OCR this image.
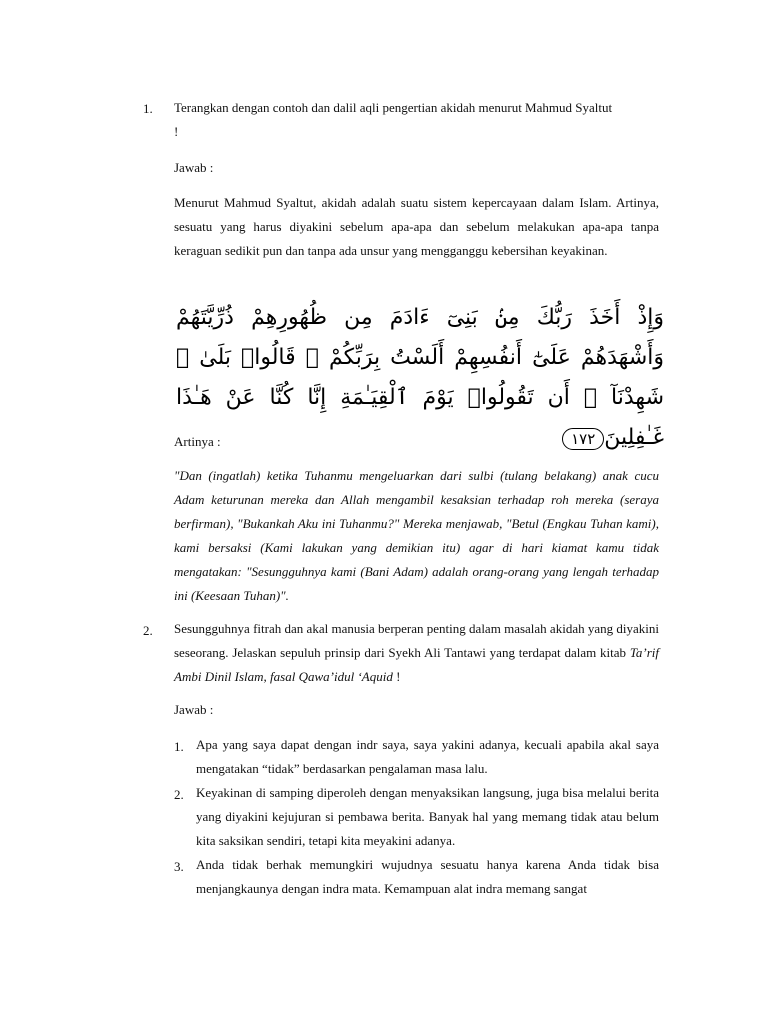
1. Terangkan dengan contoh dan dalil aqli pengertian akidah menurut Mahmud Syaltut
!
Jawab :
Menurut Mahmud Syaltut, akidah adalah suatu sistem kepercayaan dalam Islam. Artinya, sesuatu yang harus diyakini sebelum apa-apa dan sebelum melakukan apa-apa tanpa keraguan sedikit pun dan tanpa ada unsur yang mengganggu kebersihan keyakinan.
وَإِذْ أَخَذَ رَبُّكَ مِنۢ بَنِىٓ ءَادَمَ مِن ظُهُورِهِمْ ذُرِّيَّتَهُمْ وَأَشْهَدَهُمْ عَلَىٰٓ أَنفُسِهِمْ أَلَسْتُ بِرَبِّكُمْ ۖ قَالُوا۟ بَلَىٰ ۛ شَهِدْنَآ ۛ أَن تَقُولُوا۟ يَوْمَ ٱلْقِيَـٰمَةِ إِنَّا كُنَّا عَنْ هَـٰذَا غَـٰفِلِينَ١٧٢
Artinya :
"Dan (ingatlah) ketika Tuhanmu mengeluarkan dari sulbi (tulang belakang) anak cucu Adam keturunan mereka dan Allah mengambil kesaksian terhadap roh mereka (seraya berfirman), "Bukankah Aku ini Tuhanmu?" Mereka menjawab, "Betul (Engkau Tuhan kami), kami bersaksi (Kami lakukan yang demikian itu) agar di hari kiamat kamu tidak mengatakan: "Sesungguhnya kami (Bani Adam) adalah orang-orang yang lengah terhadap ini (Keesaan Tuhan)".
2. Sesungguhnya fitrah dan akal manusia berperan penting dalam masalah akidah yang diyakini seseorang. Jelaskan sepuluh prinsip dari Syekh Ali Tantawi yang terdapat dalam kitab Ta’rif Ambi Dinil Islam, fasal Qawa’idul ‘Aquid !
Jawab :
1. Apa yang saya dapat dengan indr saya, saya yakini adanya, kecuali apabila akal saya mengatakan “tidak” berdasarkan pengalaman masa lalu.
2. Keyakinan di samping diperoleh dengan menyaksikan langsung, juga bisa melalui berita yang diyakini kejujuran si pembawa berita. Banyak hal yang memang tidak atau belum kita saksikan sendiri, tetapi kita meyakini adanya.
3. Anda tidak berhak memungkiri wujudnya sesuatu hanya karena Anda tidak bisa menjangkaunya dengan indra mata. Kemampuan alat indra memang sangat
